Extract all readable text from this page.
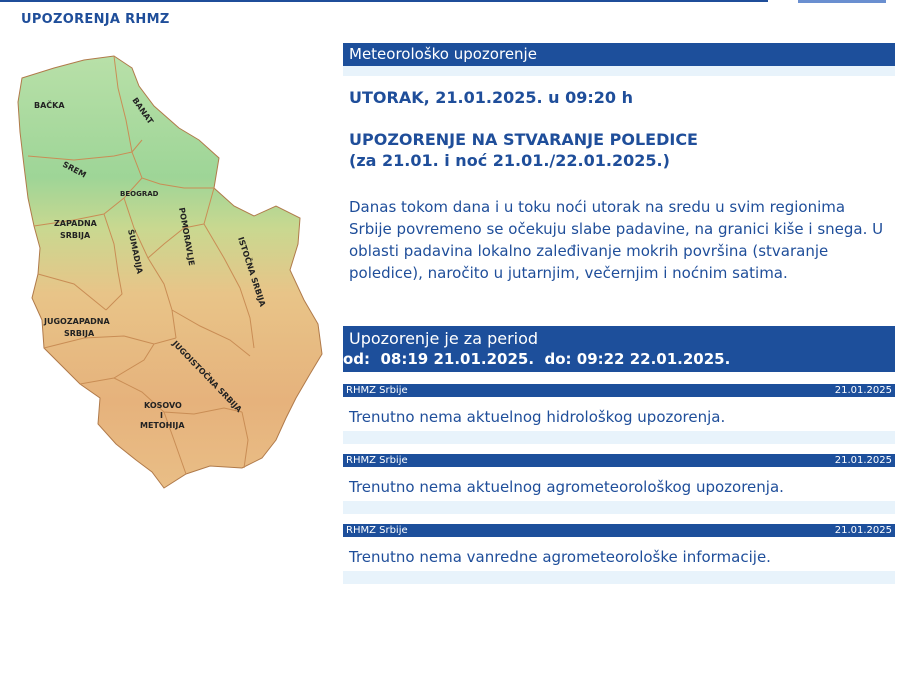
UPOZORENJA RHMZ
BAČKA	BANAT
SREM
BEOGRAD
ZAPADNA
SRBIJA	ŠUMADIJA	POMORAVLJE	ISTOČNA SRBIJA
JUGOZAPADNA
SRBIJA
JUGOISTOČNA SRBIJA
KOSOVO
I
METOHIJA
Meteorološko upozorenje
UTORAK, 21.01.2025. u 09:20 h
UPOZORENJE NA STVARANJE POLEDICE
(za 21.01. i noć 21.01./22.01.2025.)
Danas tokom dana i u toku noći utorak na sredu u svim regionima Srbije povremeno se očekuju slabe padavine, na granici kiše i snega. U oblasti padavina lokalno zaleđivanje mokrih površina (stvaranje poledice), naročito u jutarnjim, večernjim i noćnim satima.
Upozorenje je za period
od:  08:19 21.01.2025.  do: 09:22 22.01.2025.
RHMZ Srbije	21.01.2025
Trenutno nema aktuelnog hidrološkog upozorenja.
RHMZ Srbije	21.01.2025
Trenutno nema aktuelnog agrometeorološkog upozorenja.
RHMZ Srbije	21.01.2025
Trenutno nema vanredne agrometeorološke informacije.
